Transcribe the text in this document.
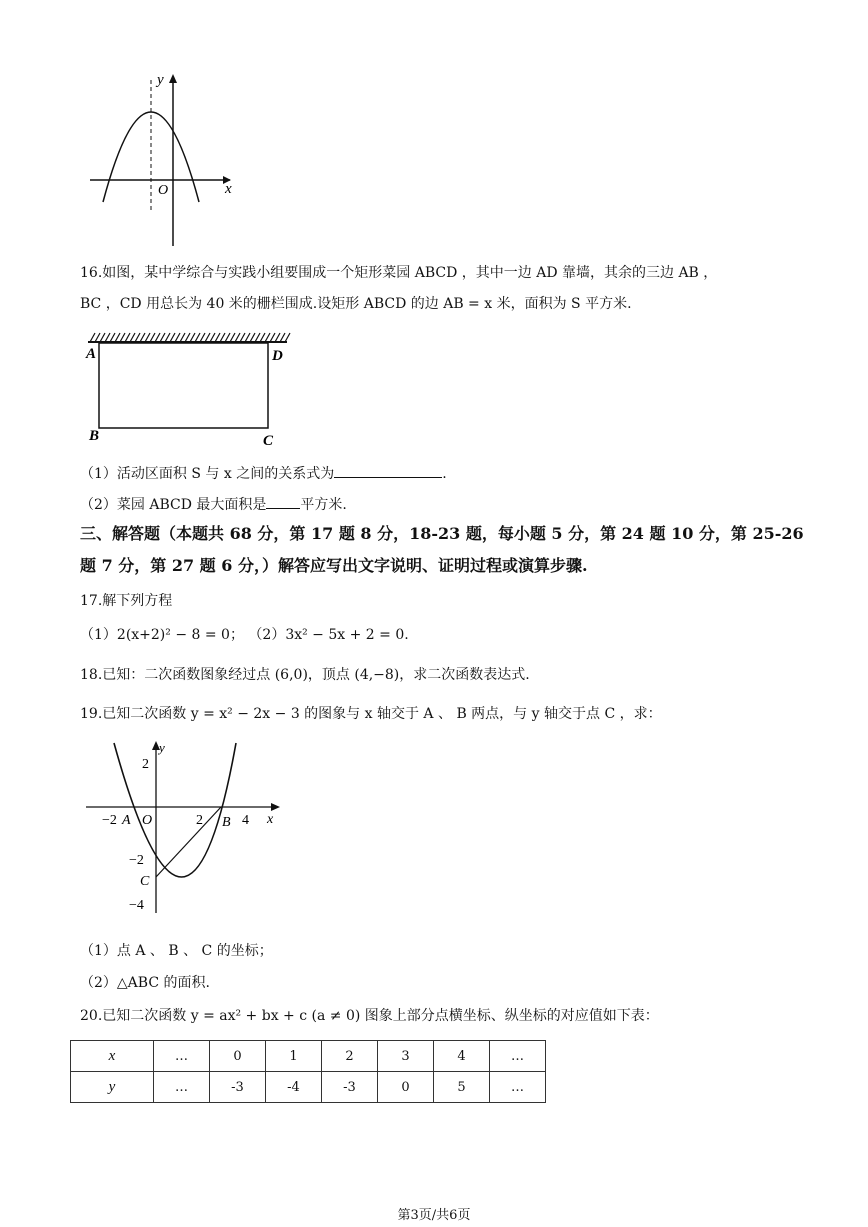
y
x
O
16.如图，某中学综合与实践小组要围成一个矩形菜园 ABCD ，其中一边 AD 靠墙，其余的三边 AB ，
BC ，CD 用总长为 40 米的栅栏围成.设矩形 ABCD 的边 AB = x 米，面积为 S 平方米.
A	D
B	C
（1）活动区面积 S 与 x 之间的关系式为	.
（2）菜园 ABCD 最大面积是 平方米.
三、解答题（本题共 68 分，第 17 题 8 分，18-23 题，每小题 5 分，第 24 题 10 分，第 25-26
题 7 分，第 27 题 6 分，）解答应写出文字说明、证明过程或演算步骤.
17.解下列方程
（1）2(x+2)² − 8 = 0； （2）3x² − 5x + 2 = 0.
18.已知：二次函数图象经过点 (6,0)，顶点 (4,−8)，求二次函数表达式.
19.已知二次函数 y = x² − 2x − 3 的图象与 x 轴交于 A 、 B 两点，与 y 轴交于点 C ，求：
y
x
2
−2 A O	2 B 4
−2
C
−4
（1）点 A 、 B 、 C 的坐标；
（2）△ABC 的面积.
20.已知二次函数 y = ax² + bx + c (a ≠ 0) 图象上部分点横坐标、纵坐标的对应值如下表：
x	…	0	1	2	3	4	…
y	…	-3	-4	-3	0	5	…
第3页/共6页
